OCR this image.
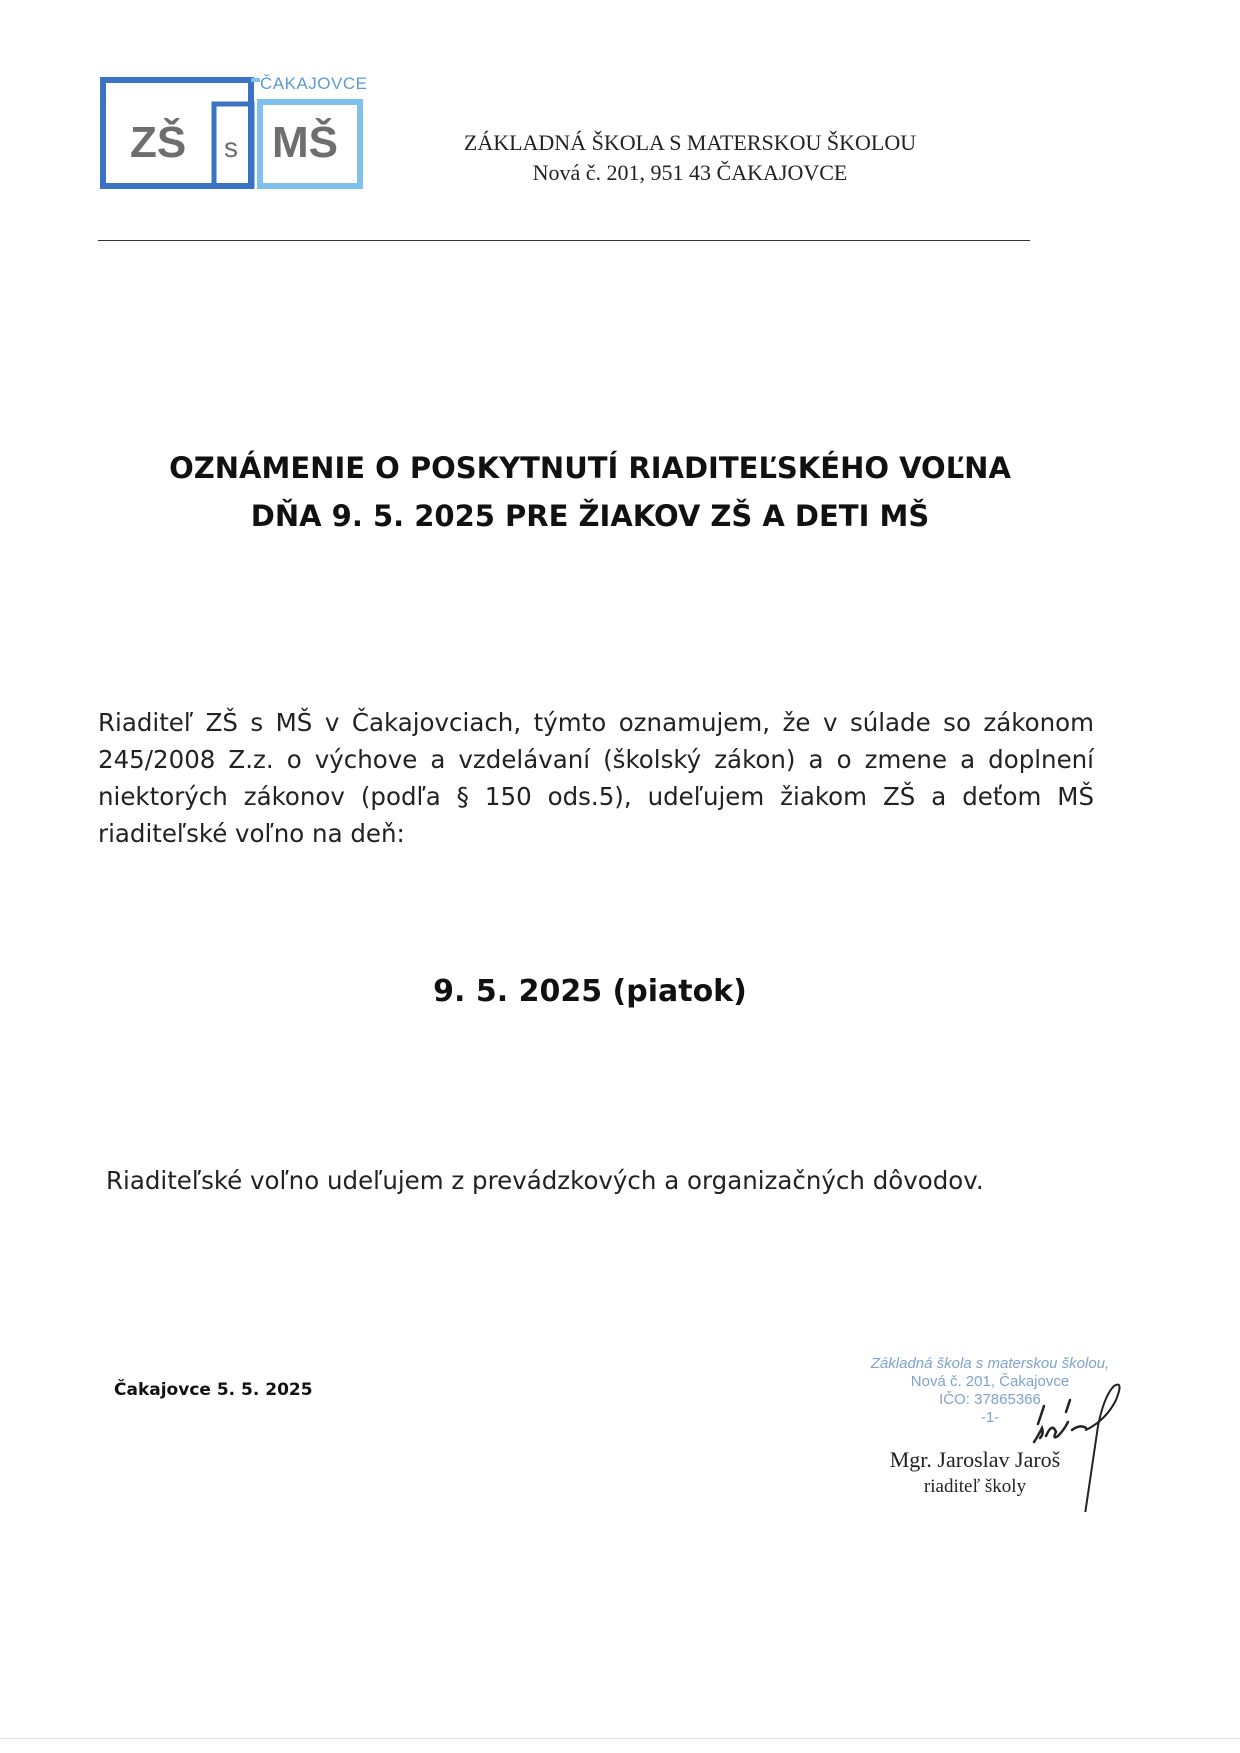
ČAKAJOVCE
ZŠ s MŠ	ZÁKLADNÁ ŠKOLA S MATERSKOU ŠKOLOU
Nová č. 201, 951 43 ČAKAJOVCE
OZNÁMENIE O POSKYTNUTÍ RIADITEĽSKÉHO VOĽNA
DŇA 9. 5. 2025 PRE ŽIAKOV ZŠ A DETI MŠ
Riaditeľ ZŠ s MŠ v Čakajovciach, týmto oznamujem, že v súlade so zákonom 245/2008 Z.z. o výchove a vzdelávaní (školský zákon) a o zmene a doplnení niektorých zákonov (podľa § 150 ods.5), udeľujem žiakom ZŠ a deťom MŠ riaditeľské voľno na deň:
9. 5. 2025 (piatok)
Riaditeľské voľno udeľujem z prevádzkových a organizačných dôvodov.
Čakajovce 5. 5. 2025
Základná škola s materskou školou,
Nová č. 201, Čakajovce
IČO: 37865366
-1-
Mgr. Jaroslav Jaroš
riaditeľ školy
